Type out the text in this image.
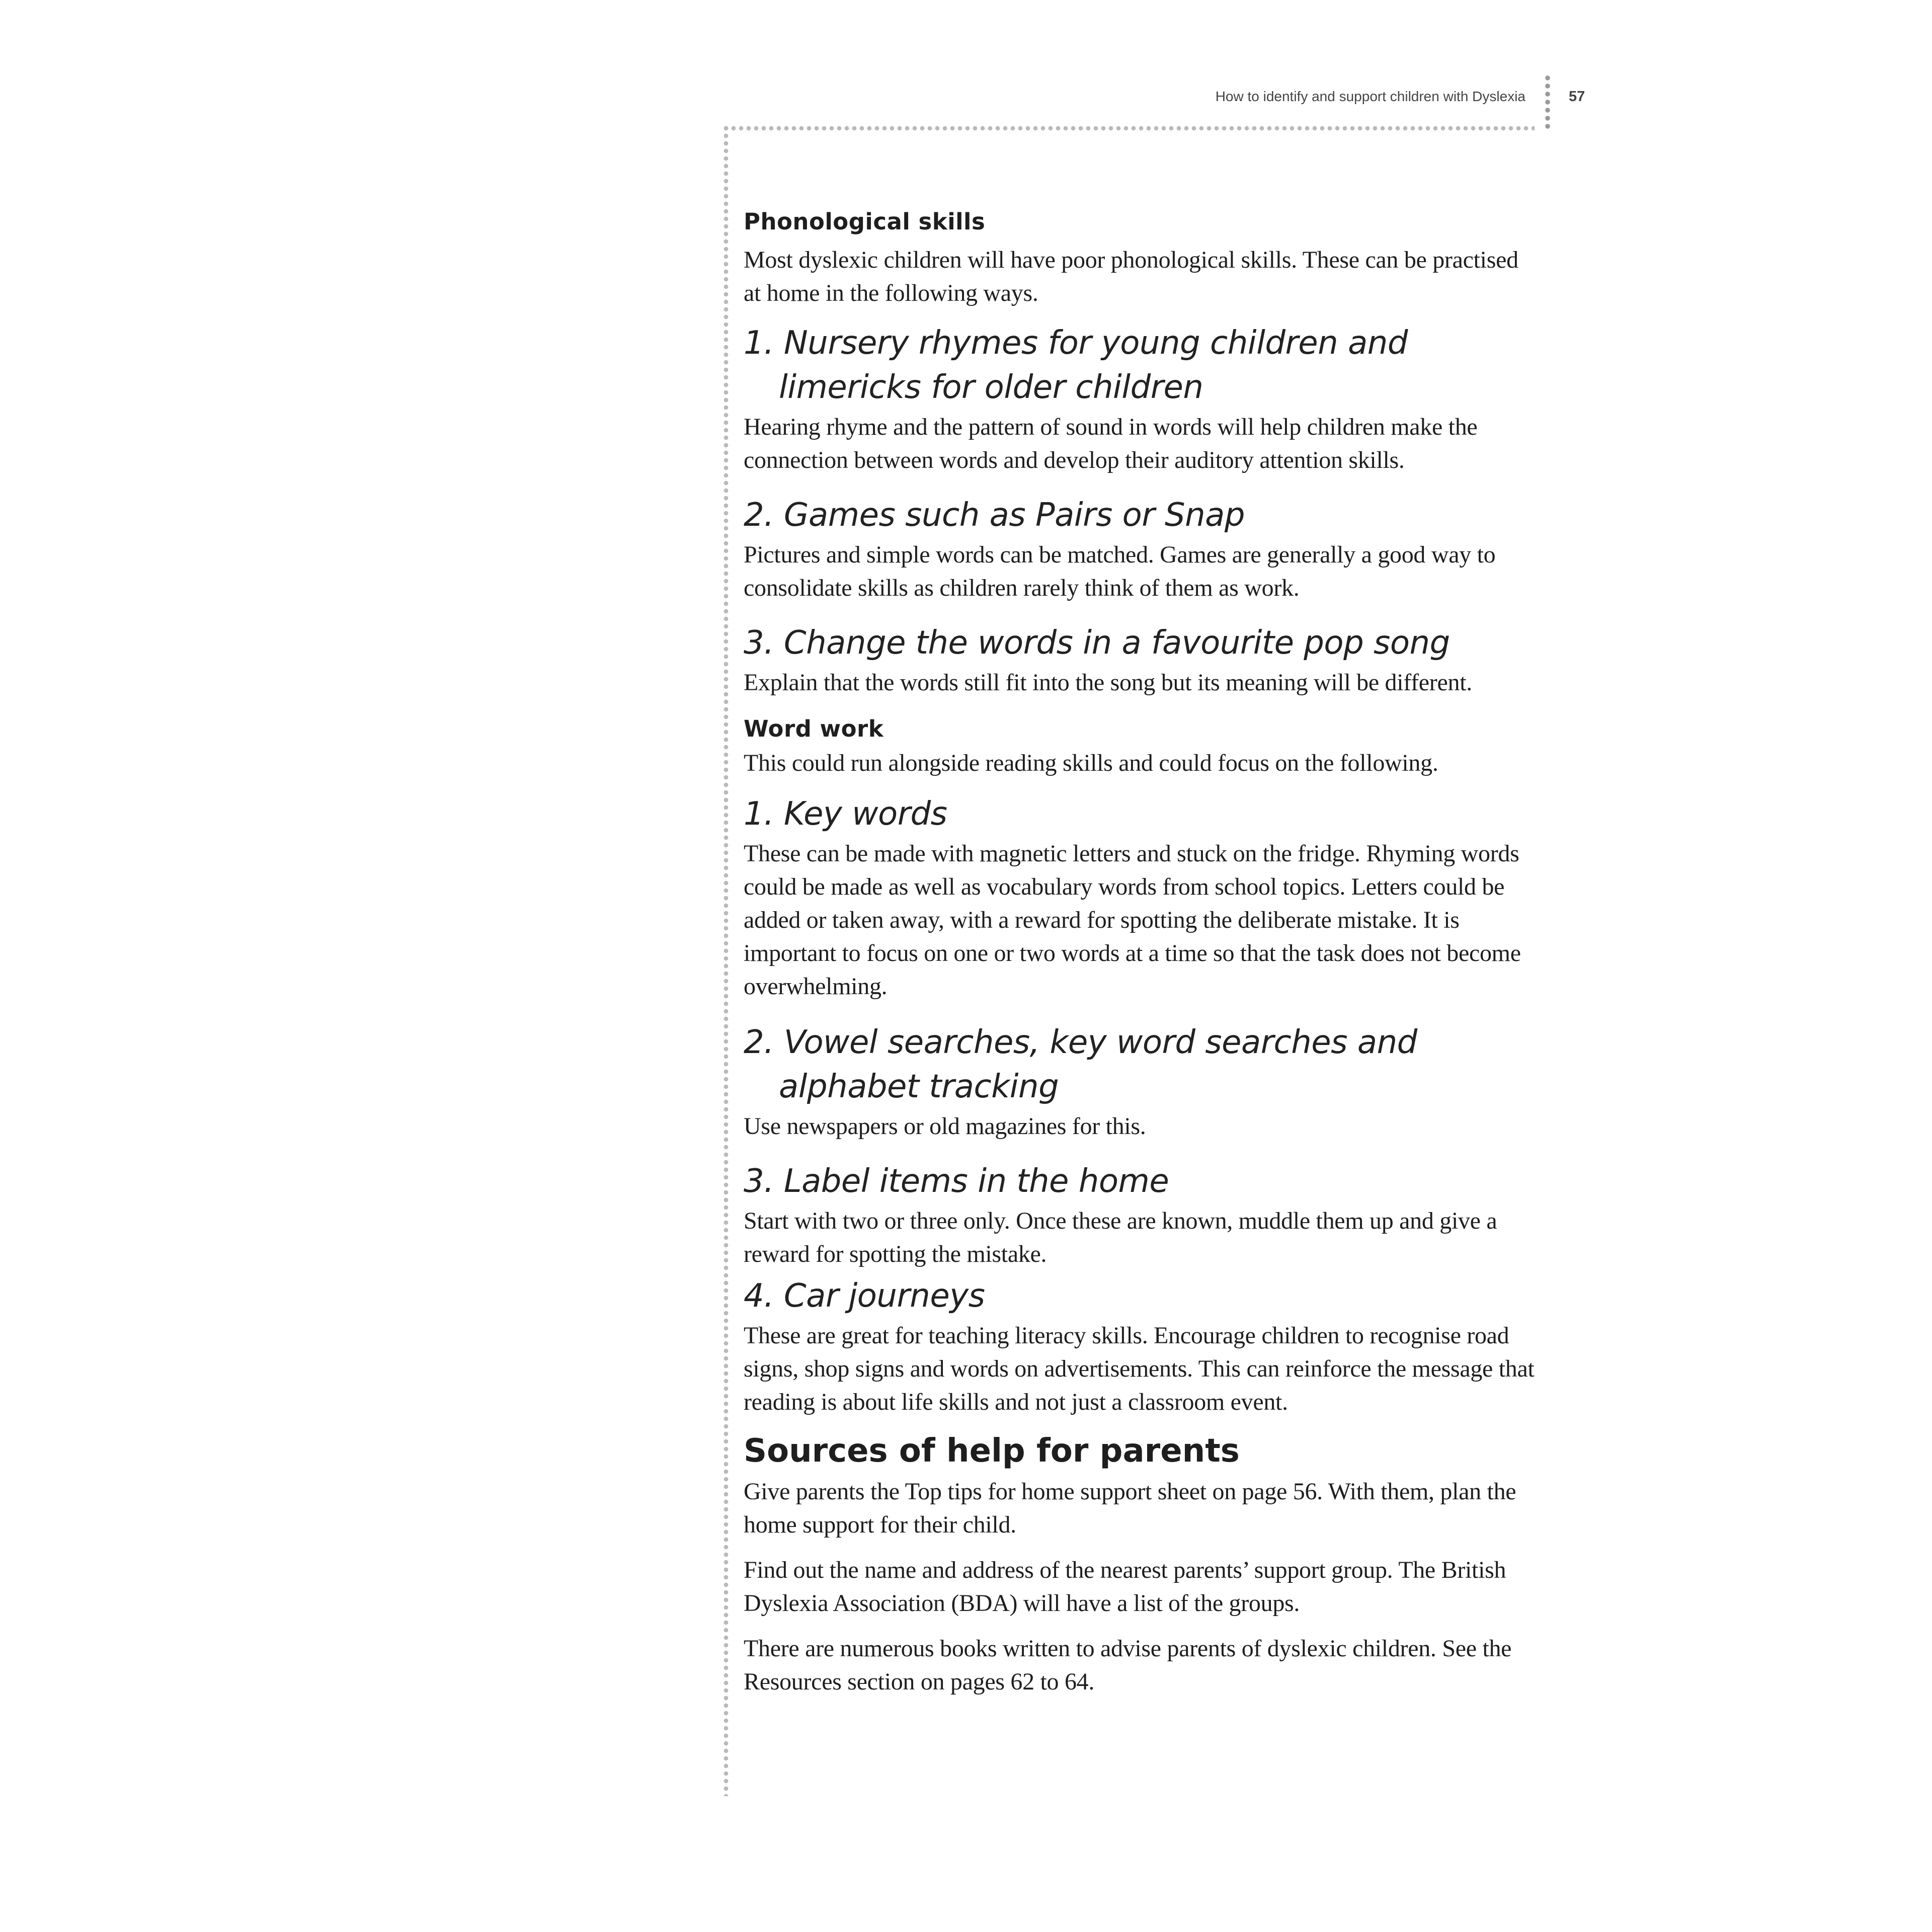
How to identify and support children with Dyslexia	57
Phonological skills

Most dyslexic children will have poor phonological skills. These can be practised at home in the following ways.

1. Nursery rhymes for young children and limericks for older children

Hearing rhyme and the pattern of sound in words will help children make the connection between words and develop their auditory attention skills.

2. Games such as Pairs or Snap

Pictures and simple words can be matched. Games are generally a good way to consolidate skills as children rarely think of them as work.

3. Change the words in a favourite pop song

Explain that the words still fit into the song but its meaning will be different.

Word work

This could run alongside reading skills and could focus on the following.

1. Key words

These can be made with magnetic letters and stuck on the fridge. Rhyming words could be made as well as vocabulary words from school topics. Letters could be added or taken away, with a reward for spotting the deliberate mistake. It is important to focus on one or two words at a time so that the task does not become overwhelming.

2. Vowel searches, key word searches and alphabet tracking

Use newspapers or old magazines for this.

3. Label items in the home

Start with two or three only. Once these are known, muddle them up and give a reward for spotting the mistake.

4. Car journeys

These are great for teaching literacy skills. Encourage children to recognise road signs, shop signs and words on advertisements. This can reinforce the message that reading is about life skills and not just a classroom event.

Sources of help for parents

Give parents the Top tips for home support sheet on page 56. With them, plan the home support for their child.

Find out the name and address of the nearest parents’ support group. The British Dyslexia Association (BDA) will have a list of the groups.

There are numerous books written to advise parents of dyslexic children. See the Resources section on pages 62 to 64.
